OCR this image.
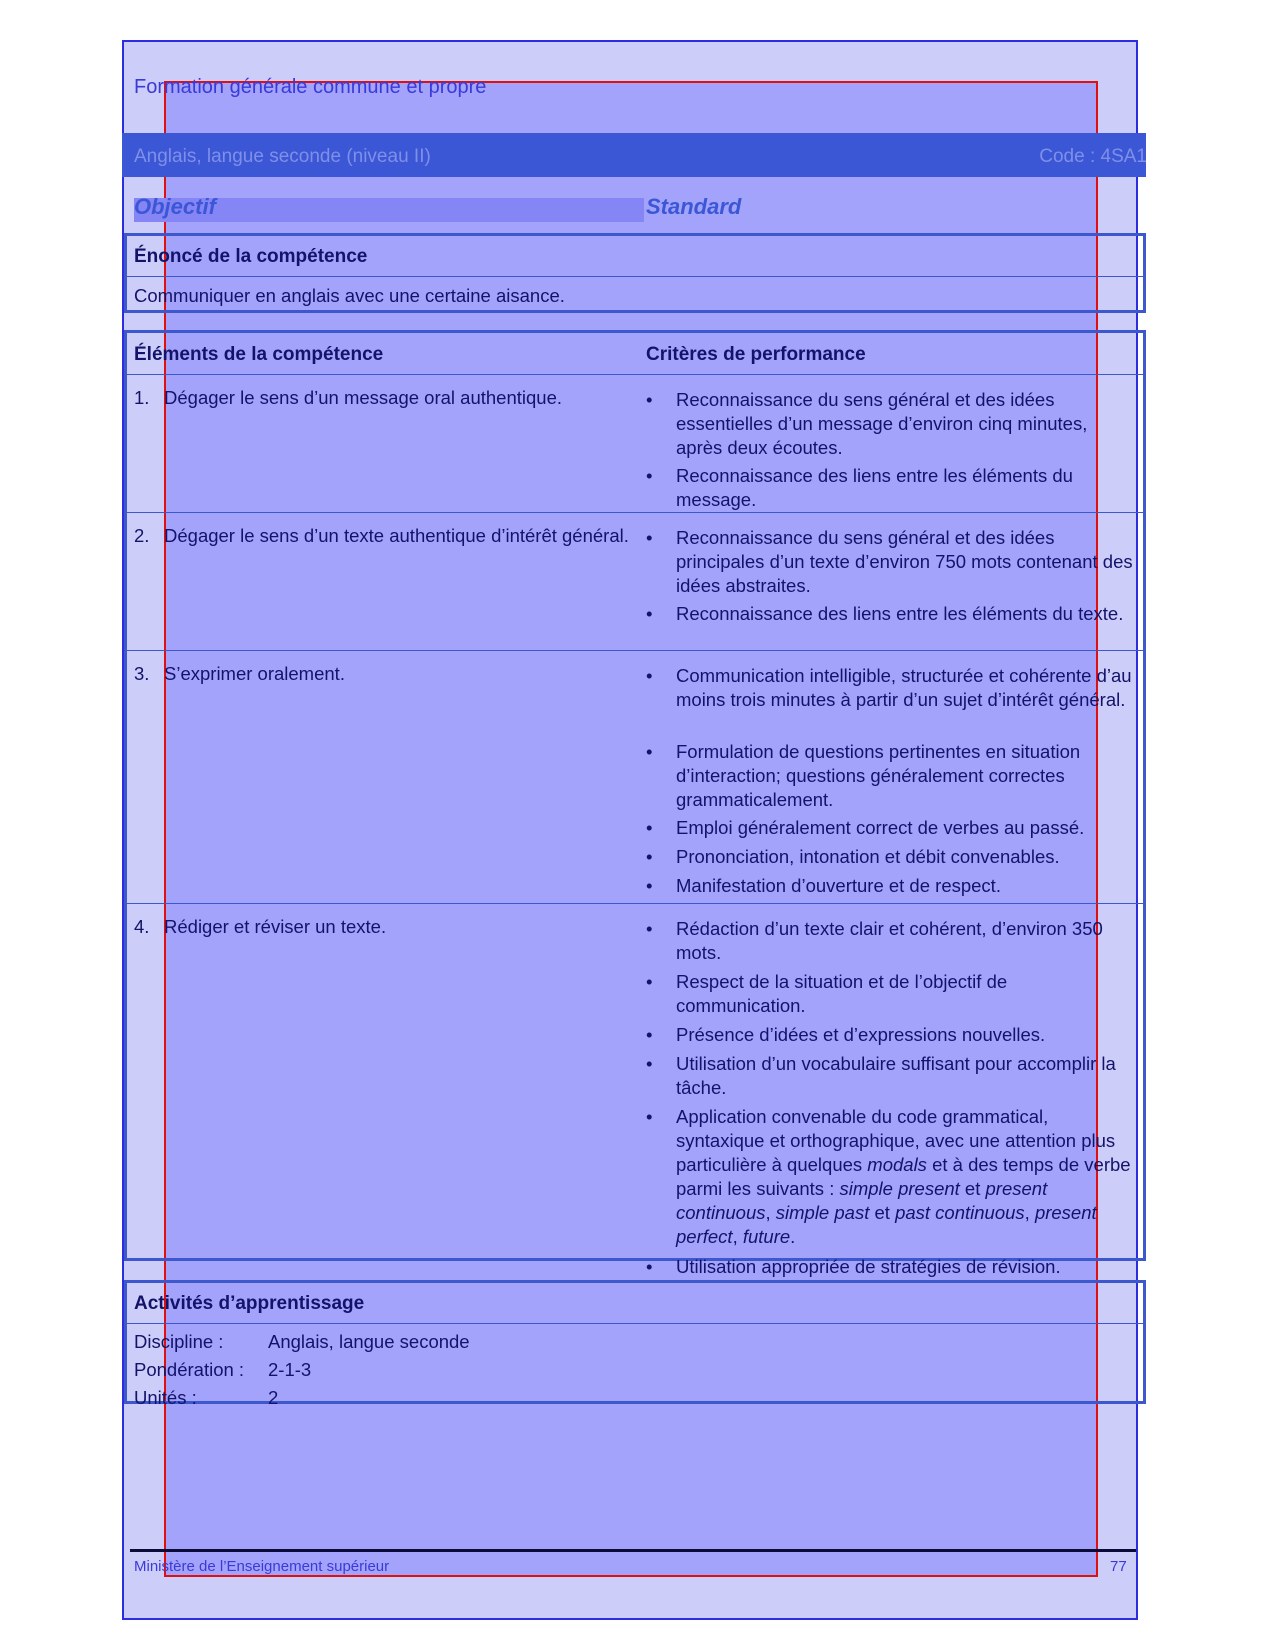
Formation générale commune et propre
Anglais, langue seconde (niveau II)	Code : 4SA1
Objectif	Standard
Énoncé de la compétence
Communiquer en anglais avec une certaine aisance.
Éléments de la compétence	Critères de performance
1. Dégager le sens d’un message oral authentique.	• Reconnaissance du sens général et des idées essentielles d’un message d’environ cinq minutes, après deux écoutes.
• Reconnaissance des liens entre les éléments du message.
2. Dégager le sens d’un texte authentique d’intérêt général. • Reconnaissance du sens général et des idées principales d’un texte d’environ 750 mots contenant des idées abstraites.
• Reconnaissance des liens entre les éléments du texte.
3. S’exprimer oralement.	• Communication intelligible, structurée et cohérente d’au moins trois minutes à partir d’un sujet d’intérêt général.
• Formulation de questions pertinentes en situation d’interaction; questions généralement correctes grammaticalement.
• Emploi généralement correct de verbes au passé.
• Prononciation, intonation et débit convenables.
• Manifestation d’ouverture et de respect.
4. Rédiger et réviser un texte.	• Rédaction d’un texte clair et cohérent, d’environ 350 mots.
• Respect de la situation et de l’objectif de communication.
• Présence d’idées et d’expressions nouvelles.
• Utilisation d’un vocabulaire suffisant pour accomplir la tâche.
• Application convenable du code grammatical, syntaxique et orthographique, avec une attention plus particulière à quelques modals et à des temps de verbe parmi les suivants : simple present et present continuous, simple past et past continuous, present perfect, future.
• Utilisation appropriée de stratégies de révision.
Activités d’apprentissage
Discipline : Anglais, langue seconde
Pondération : 2-1-3
Unités :	2
Ministère de l’Enseignement supérieur	77
